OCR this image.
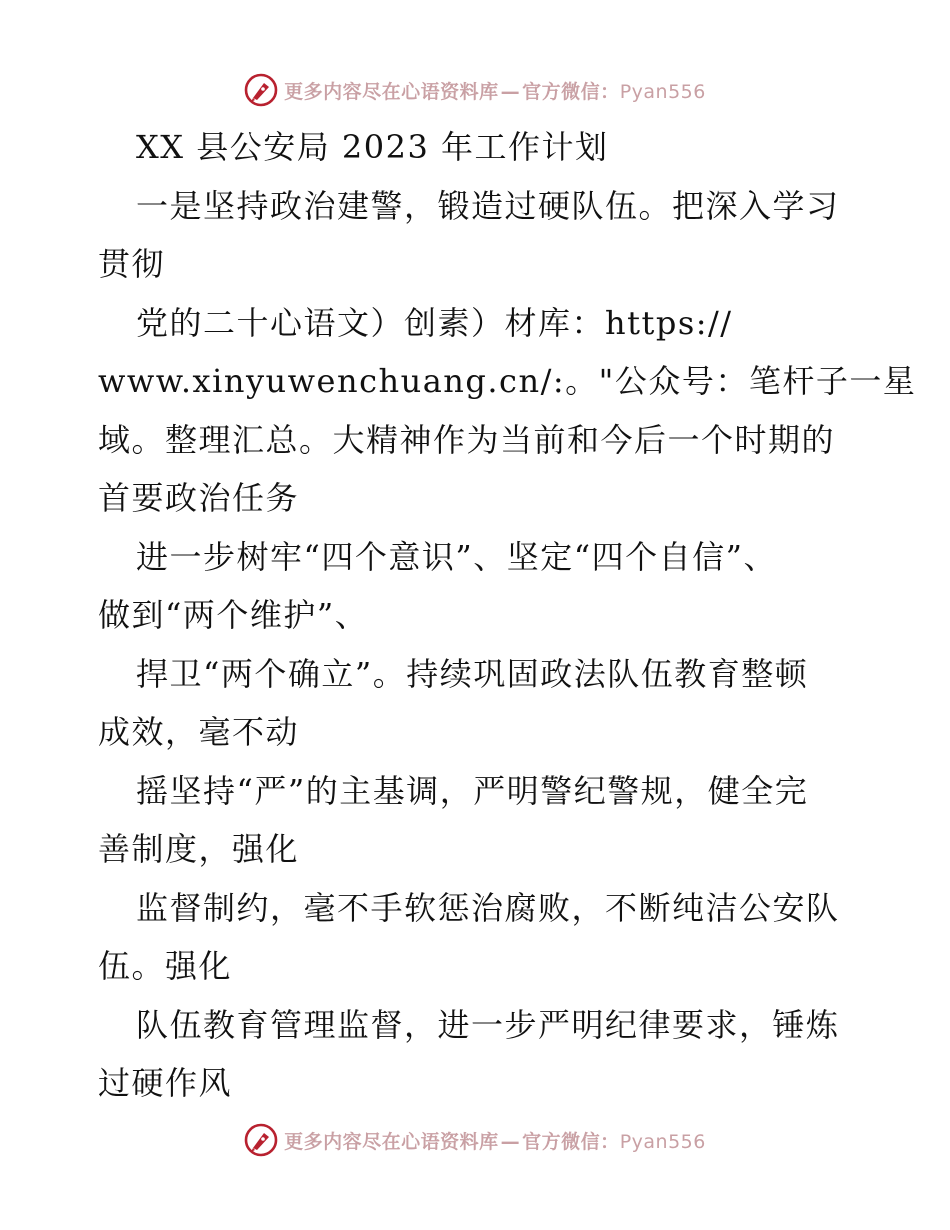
更多内容尽在心语资料库 — 官方微信：Pyan556
XX 县公安局 2023 年工作计划
一是坚持政治建警，锻造过硬队伍。把深入学习
贯彻
党的二十心语文）创素）材库：https://
www.xinyuwenchuang.cn/:。"公众号：笔杆子一星
域。整理汇总。大精神作为当前和今后一个时期的
首要政治任务
进一步树牢“四个意识”、坚定“四个自信”、
做到“两个维护”、
捍卫“两个确立”。持续巩固政法队伍教育整顿
成效，毫不动
摇坚持“严”的主基调，严明警纪警规，健全完
善制度，强化
监督制约，毫不手软惩治腐败，不断纯洁公安队
伍。强化
队伍教育管理监督，进一步严明纪律要求，锤炼
过硬作风
更多内容尽在心语资料库 — 官方微信：Pyan556
